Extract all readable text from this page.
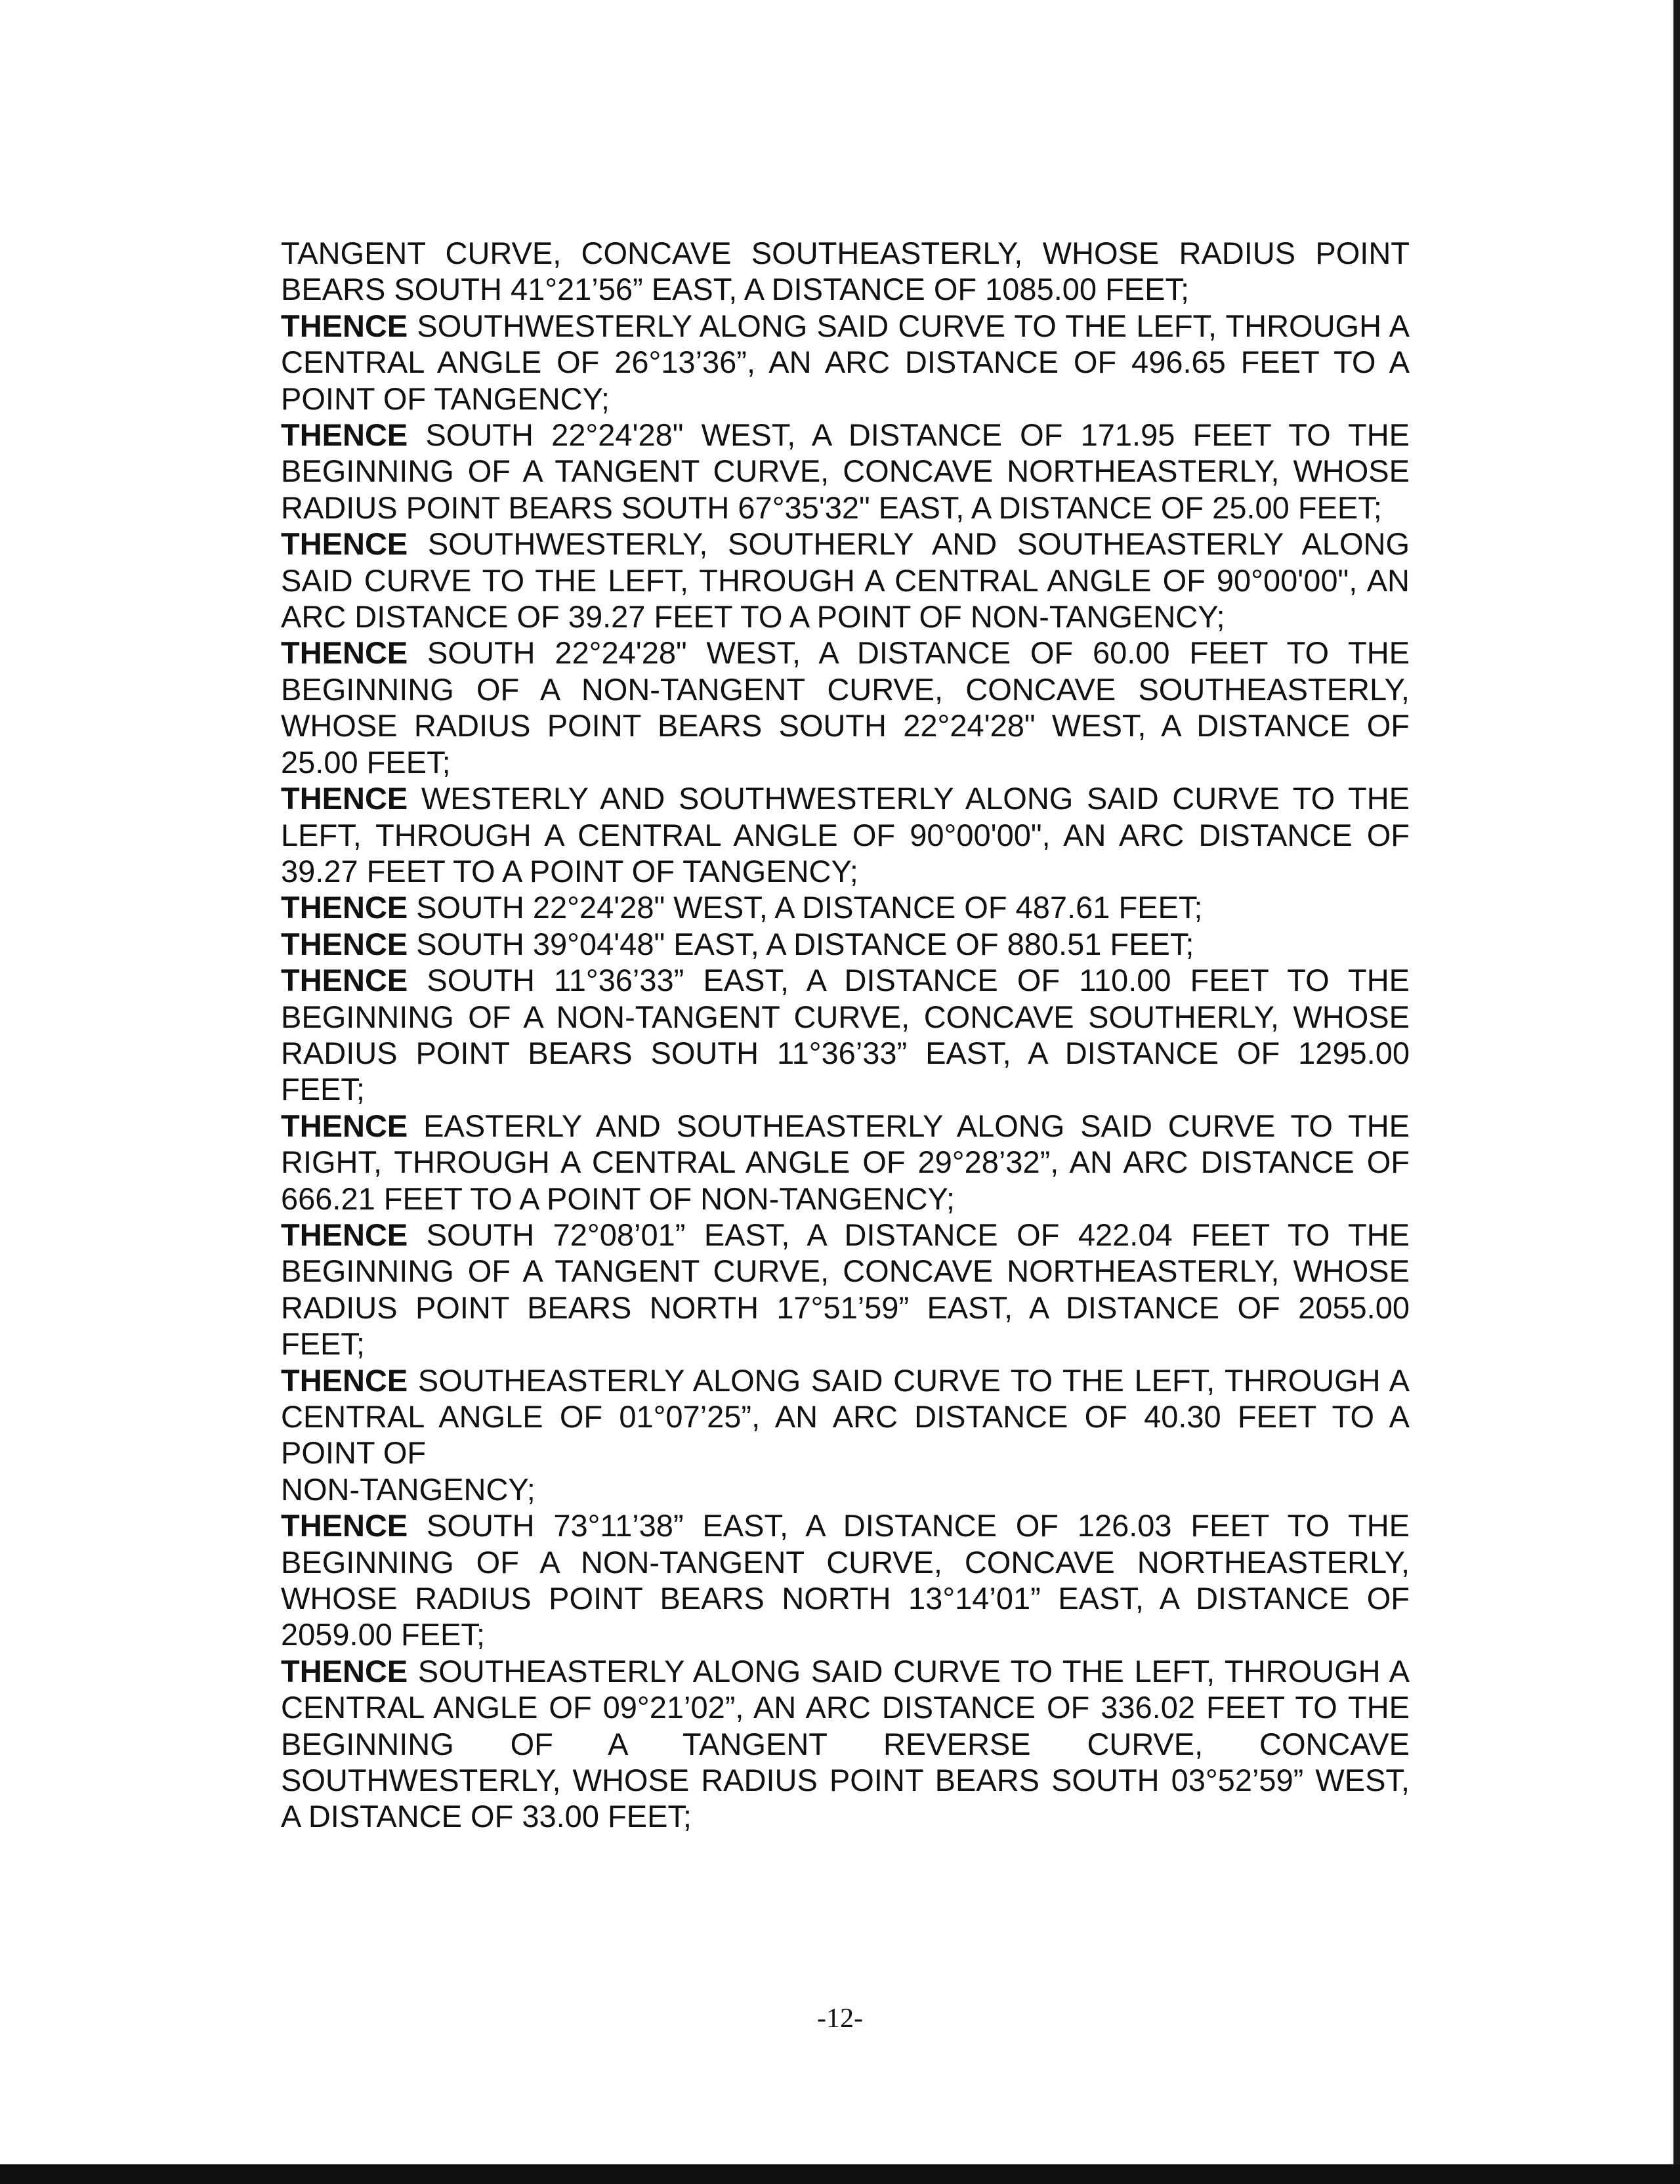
TANGENT CURVE, CONCAVE SOUTHEASTERLY, WHOSE RADIUS POINT BEARS SOUTH 41°21’56” EAST, A DISTANCE OF 1085.00 FEET;

THENCE SOUTHWESTERLY ALONG SAID CURVE TO THE LEFT, THROUGH A CENTRAL ANGLE OF 26°13’36”, AN ARC DISTANCE OF 496.65 FEET TO A POINT OF TANGENCY;

THENCE SOUTH 22°24'28" WEST, A DISTANCE OF 171.95 FEET TO THE BEGINNING OF A TANGENT CURVE, CONCAVE NORTHEASTERLY, WHOSE RADIUS POINT BEARS SOUTH 67°35'32" EAST, A DISTANCE OF 25.00 FEET;

THENCE SOUTHWESTERLY, SOUTHERLY AND SOUTHEASTERLY ALONG SAID CURVE TO THE LEFT, THROUGH A CENTRAL ANGLE OF 90°00'00", AN ARC DISTANCE OF 39.27 FEET TO A POINT OF NON-TANGENCY;

THENCE SOUTH 22°24'28" WEST, A DISTANCE OF 60.00 FEET TO THE BEGINNING OF A NON-TANGENT CURVE, CONCAVE SOUTHEASTERLY, WHOSE RADIUS POINT BEARS SOUTH 22°24'28" WEST, A DISTANCE OF 25.00 FEET;

THENCE WESTERLY AND SOUTHWESTERLY ALONG SAID CURVE TO THE LEFT, THROUGH A CENTRAL ANGLE OF 90°00'00", AN ARC DISTANCE OF 39.27 FEET TO A POINT OF TANGENCY;

THENCE SOUTH 22°24'28" WEST, A DISTANCE OF 487.61 FEET;

THENCE SOUTH 39°04'48" EAST, A DISTANCE OF 880.51 FEET;

THENCE SOUTH 11°36’33” EAST, A DISTANCE OF 110.00 FEET TO THE BEGINNING OF A NON-TANGENT CURVE, CONCAVE SOUTHERLY, WHOSE RADIUS POINT BEARS SOUTH 11°36’33” EAST, A DISTANCE OF 1295.00 FEET;

THENCE EASTERLY AND SOUTHEASTERLY ALONG SAID CURVE TO THE RIGHT, THROUGH A CENTRAL ANGLE OF 29°28’32”, AN ARC DISTANCE OF 666.21 FEET TO A POINT OF NON-TANGENCY;

THENCE SOUTH 72°08’01” EAST, A DISTANCE OF 422.04 FEET TO THE BEGINNING OF A TANGENT CURVE, CONCAVE NORTHEASTERLY, WHOSE RADIUS POINT BEARS NORTH 17°51’59” EAST, A DISTANCE OF 2055.00 FEET;

THENCE SOUTHEASTERLY ALONG SAID CURVE TO THE LEFT, THROUGH A CENTRAL ANGLE OF 01°07’25”, AN ARC DISTANCE OF 40.30 FEET TO A POINT OF

NON-TANGENCY;

THENCE SOUTH 73°11’38” EAST, A DISTANCE OF 126.03 FEET TO THE BEGINNING OF A NON-TANGENT CURVE, CONCAVE NORTHEASTERLY, WHOSE RADIUS POINT BEARS NORTH 13°14’01” EAST, A DISTANCE OF 2059.00 FEET;

THENCE SOUTHEASTERLY ALONG SAID CURVE TO THE LEFT, THROUGH A CENTRAL ANGLE OF 09°21’02”, AN ARC DISTANCE OF 336.02 FEET TO THE BEGINNING OF A TANGENT REVERSE CURVE, CONCAVE SOUTHWESTERLY, WHOSE RADIUS POINT BEARS SOUTH 03°52’59” WEST, A DISTANCE OF 33.00 FEET;

-12-
